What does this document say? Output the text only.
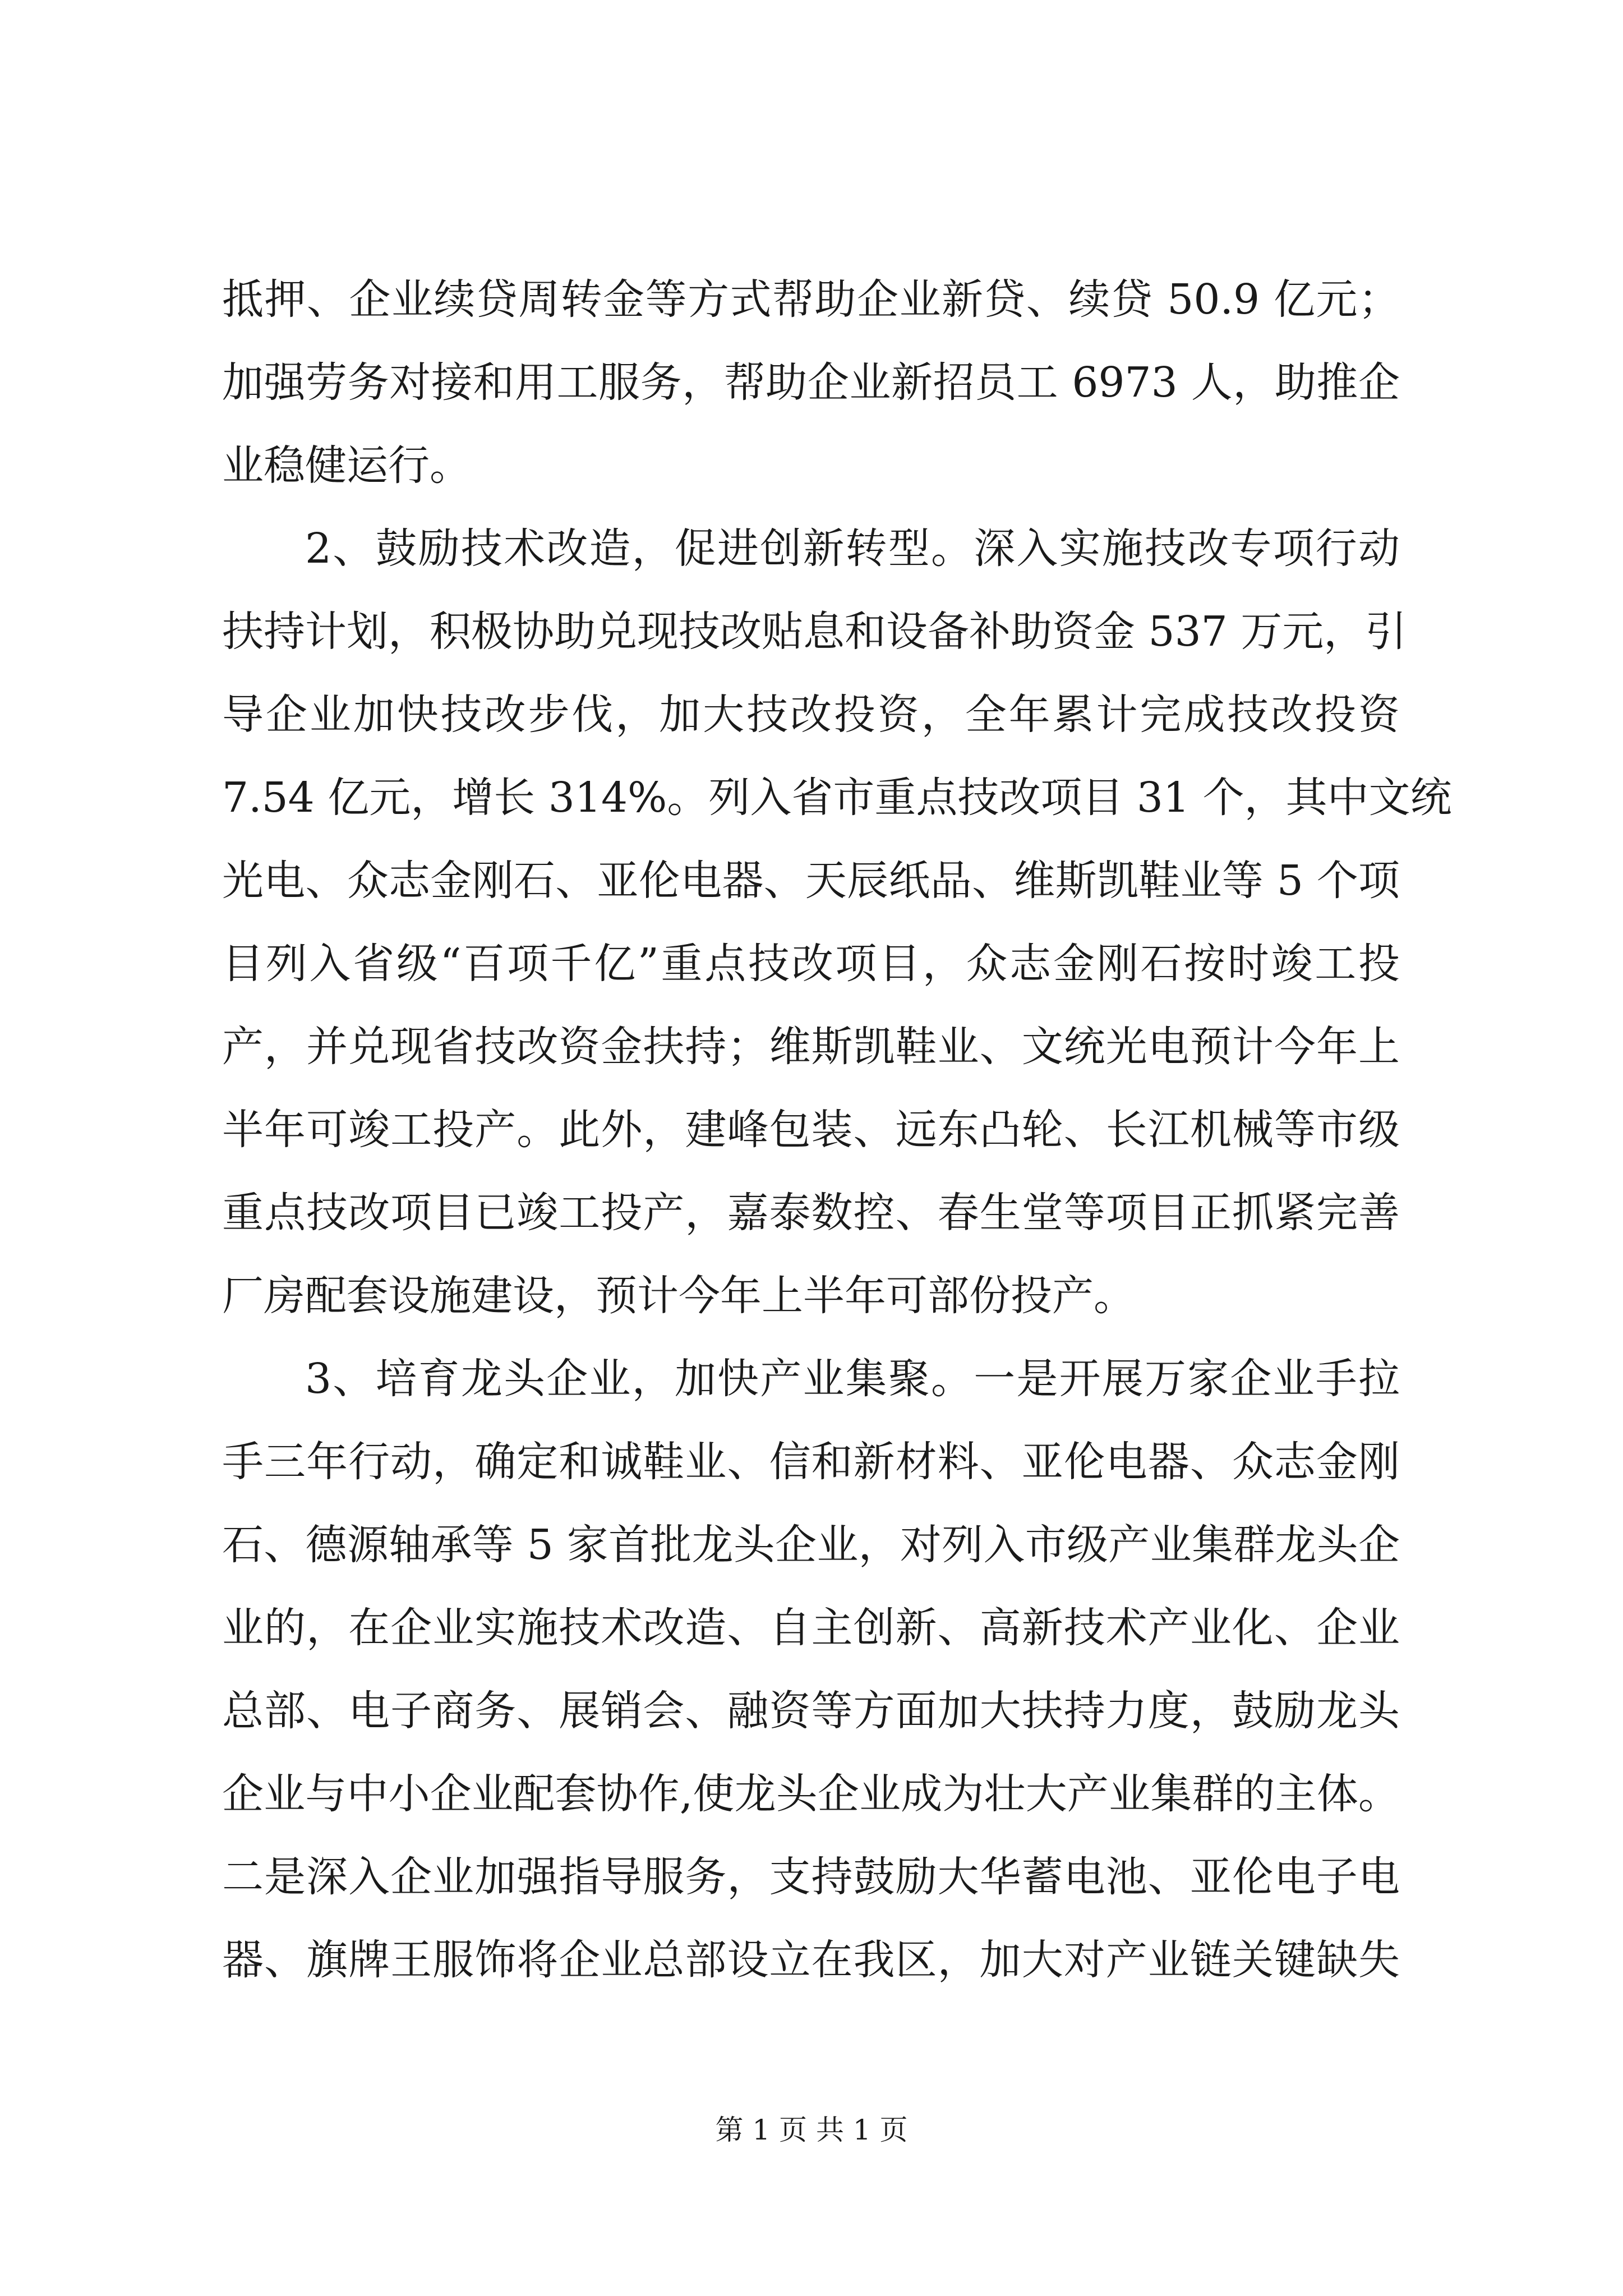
抵押、企业续贷周转金等方式帮助企业新贷、续贷 50.9 亿元；
加强劳务对接和用工服务，帮助企业新招员工 6973 人，助推企
业稳健运行。
2、鼓励技术改造，促进创新转型。深入实施技改专项行动
扶持计划，积极协助兑现技改贴息和设备补助资金 537 万元，引
导企业加快技改步伐，加大技改投资，全年累计完成技改投资
7.54 亿元，增长 314%。列入省市重点技改项目 31 个，其中文统
光电、众志金刚石、亚伦电器、天辰纸品、维斯凯鞋业等 5 个项
目列入省级“百项千亿”重点技改项目，众志金刚石按时竣工投
产，并兑现省技改资金扶持；维斯凯鞋业、文统光电预计今年上
半年可竣工投产。此外，建峰包装、远东凸轮、长江机械等市级
重点技改项目已竣工投产，嘉泰数控、春生堂等项目正抓紧完善
厂房配套设施建设，预计今年上半年可部份投产。
3、培育龙头企业，加快产业集聚。一是开展万家企业手拉
手三年行动，确定和诚鞋业、信和新材料、亚伦电器、众志金刚
石、德源轴承等 5 家首批龙头企业，对列入市级产业集群龙头企
业的，在企业实施技术改造、自主创新、高新技术产业化、企业
总部、电子商务、展销会、融资等方面加大扶持力度，鼓励龙头
企业与中小企业配套协作,使龙头企业成为壮大产业集群的主体。
二是深入企业加强指导服务，支持鼓励大华蓄电池、亚伦电子电
器、旗牌王服饰将企业总部设立在我区，加大对产业链关键缺失
第 1 页 共 1 页
